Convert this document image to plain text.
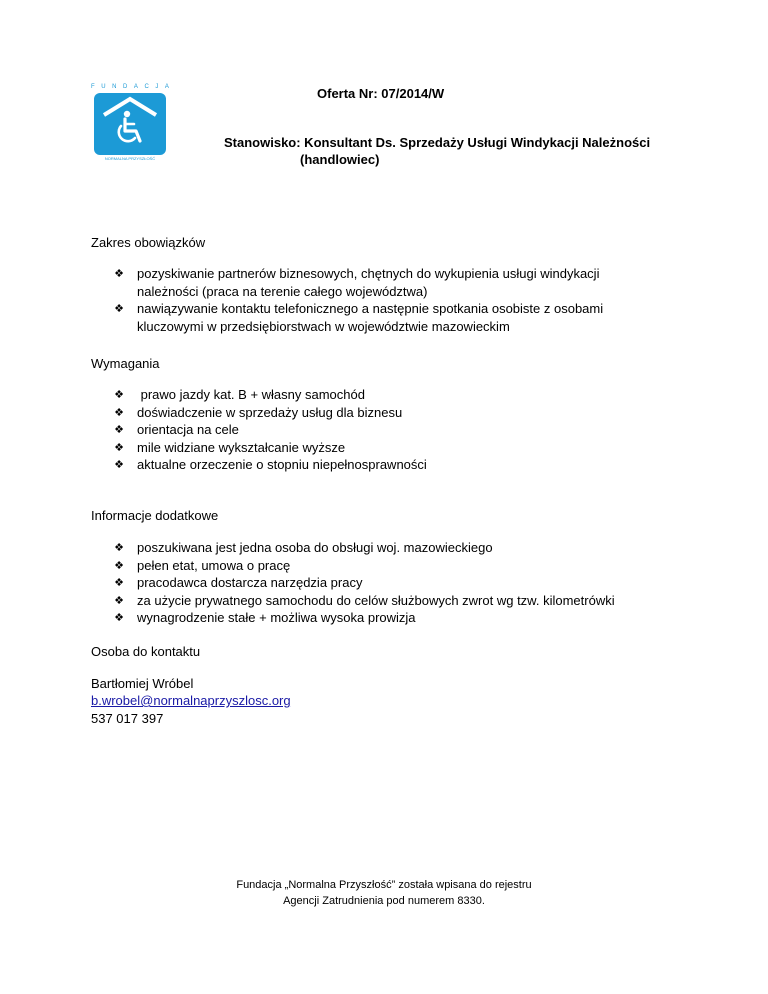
F U N D A C J A
NORMALNA PRZYSZŁOŚĆ
Oferta Nr: 07/2014/W
Stanowisko: Konsultant Ds. Sprzedaży Usługi Windykacji Należności
(handlowiec)
Zakres obowiązków
❖ pozyskiwanie partnerów biznesowych, chętnych do wykupienia usługi windykacji
należności (praca na terenie całego województwa)
❖ nawiązywanie kontaktu telefonicznego a następnie spotkania osobiste z osobami
kluczowymi w przedsiębiorstwach w województwie mazowieckim
Wymagania
❖ prawo jazdy kat. B + własny samochód
❖ doświadczenie w sprzedaży usług dla biznesu
❖ orientacja na cele
❖ mile widziane wykształcanie wyższe
❖ aktualne orzeczenie o stopniu niepełnosprawności
Informacje dodatkowe
❖ poszukiwana jest jedna osoba do obsługi woj. mazowieckiego
❖ pełen etat, umowa o pracę
❖ pracodawca dostarcza narzędzia pracy
❖ za użycie prywatnego samochodu do celów służbowych zwrot wg tzw. kilometrówki
❖ wynagrodzenie stałe + możliwa wysoka prowizja
Osoba do kontaktu
Bartłomiej Wróbel
b.wrobel@normalnaprzyszlosc.org
537 017 397
Fundacja „Normalna Przyszłość” została wpisana do rejestru
Agencji Zatrudnienia pod numerem 8330.
